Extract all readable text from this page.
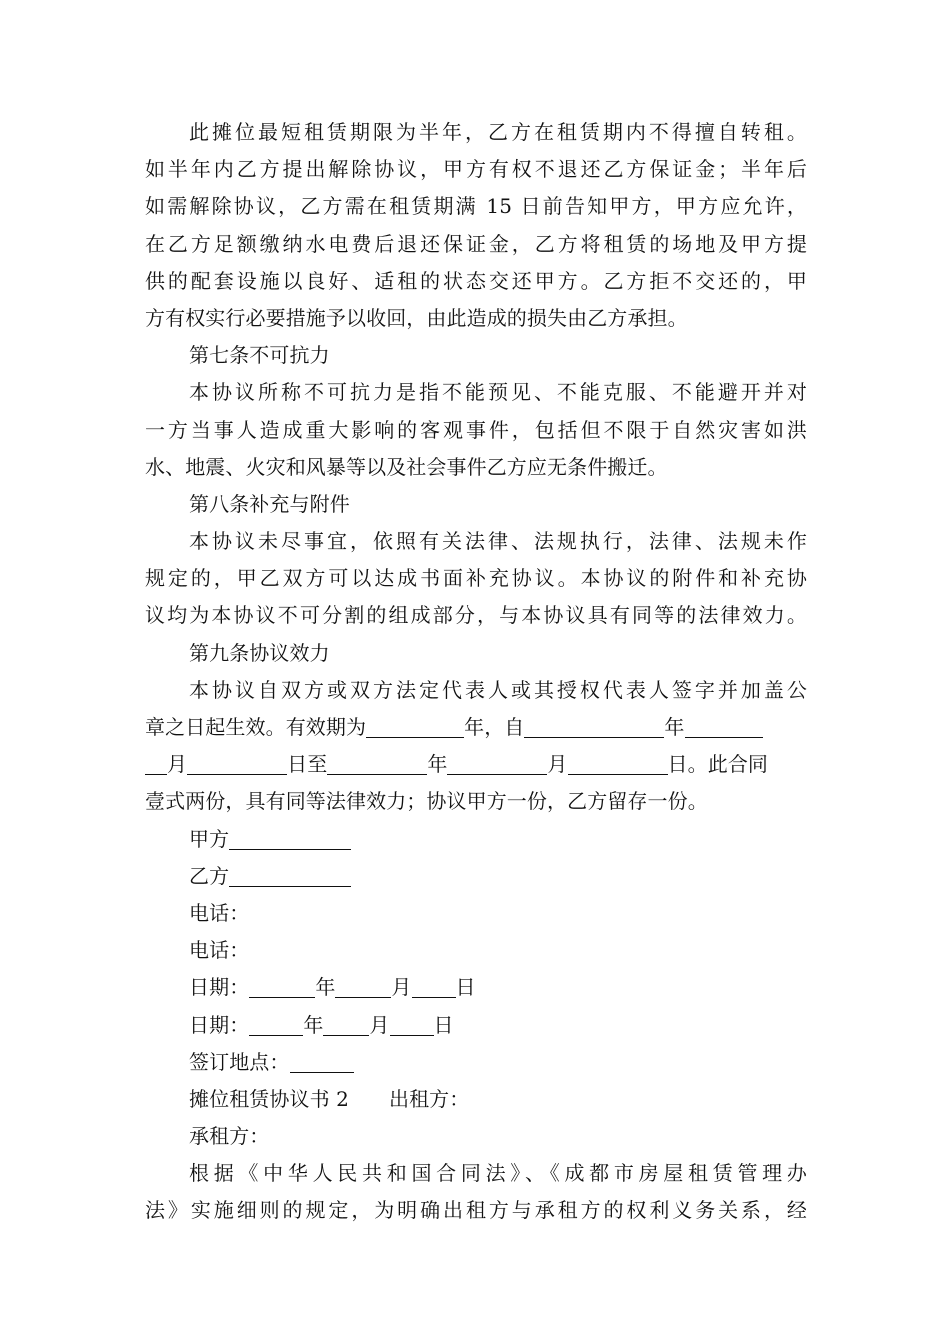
此摊位最短租赁期限为半年，乙方在租赁期内不得擅自转租。
如半年内乙方提出解除协议，甲方有权不退还乙方保证金；半年后
如需解除协议，乙方需在租赁期满 15 日前告知甲方，甲方应允许，
在乙方足额缴纳水电费后退还保证金，乙方将租赁的场地及甲方提
供的配套设施以良好、适租的状态交还甲方。乙方拒不交还的，甲
方有权实行必要措施予以收回，由此造成的损失由乙方承担。
第七条不可抗力
本协议所称不可抗力是指不能预见、不能克服、不能避开并对
一方当事人造成重大影响的客观事件，包括但不限于自然灾害如洪
水、地震、火灾和风暴等以及社会事件乙方应无条件搬迁。
第八条补充与附件
本协议未尽事宜，依照有关法律、法规执行，法律、法规未作
规定的，甲乙双方可以达成书面补充协议。本协议的附件和补充协
议均为本协议不可分割的组成部分，与本协议具有同等的法律效力。
第九条协议效力
本协议自双方或双方法定代表人或其授权代表人签字并加盖公
章之日起生效。有效期为	年，自	年
月	日至	年	月	日。此合同
壹式两份，具有同等法律效力；协议甲方一份，乙方留存一份。
甲方
乙方
电话：
电话：
日期：	年	月 日
日期：	年 月 日
签订地点：
摊位租赁协议书 2 出租方：
承租方：
根据《中华人民共和国合同法》、《成都市房屋租赁管理办
法》实施细则的规定，为明确出租方与承租方的权利义务关系，经
